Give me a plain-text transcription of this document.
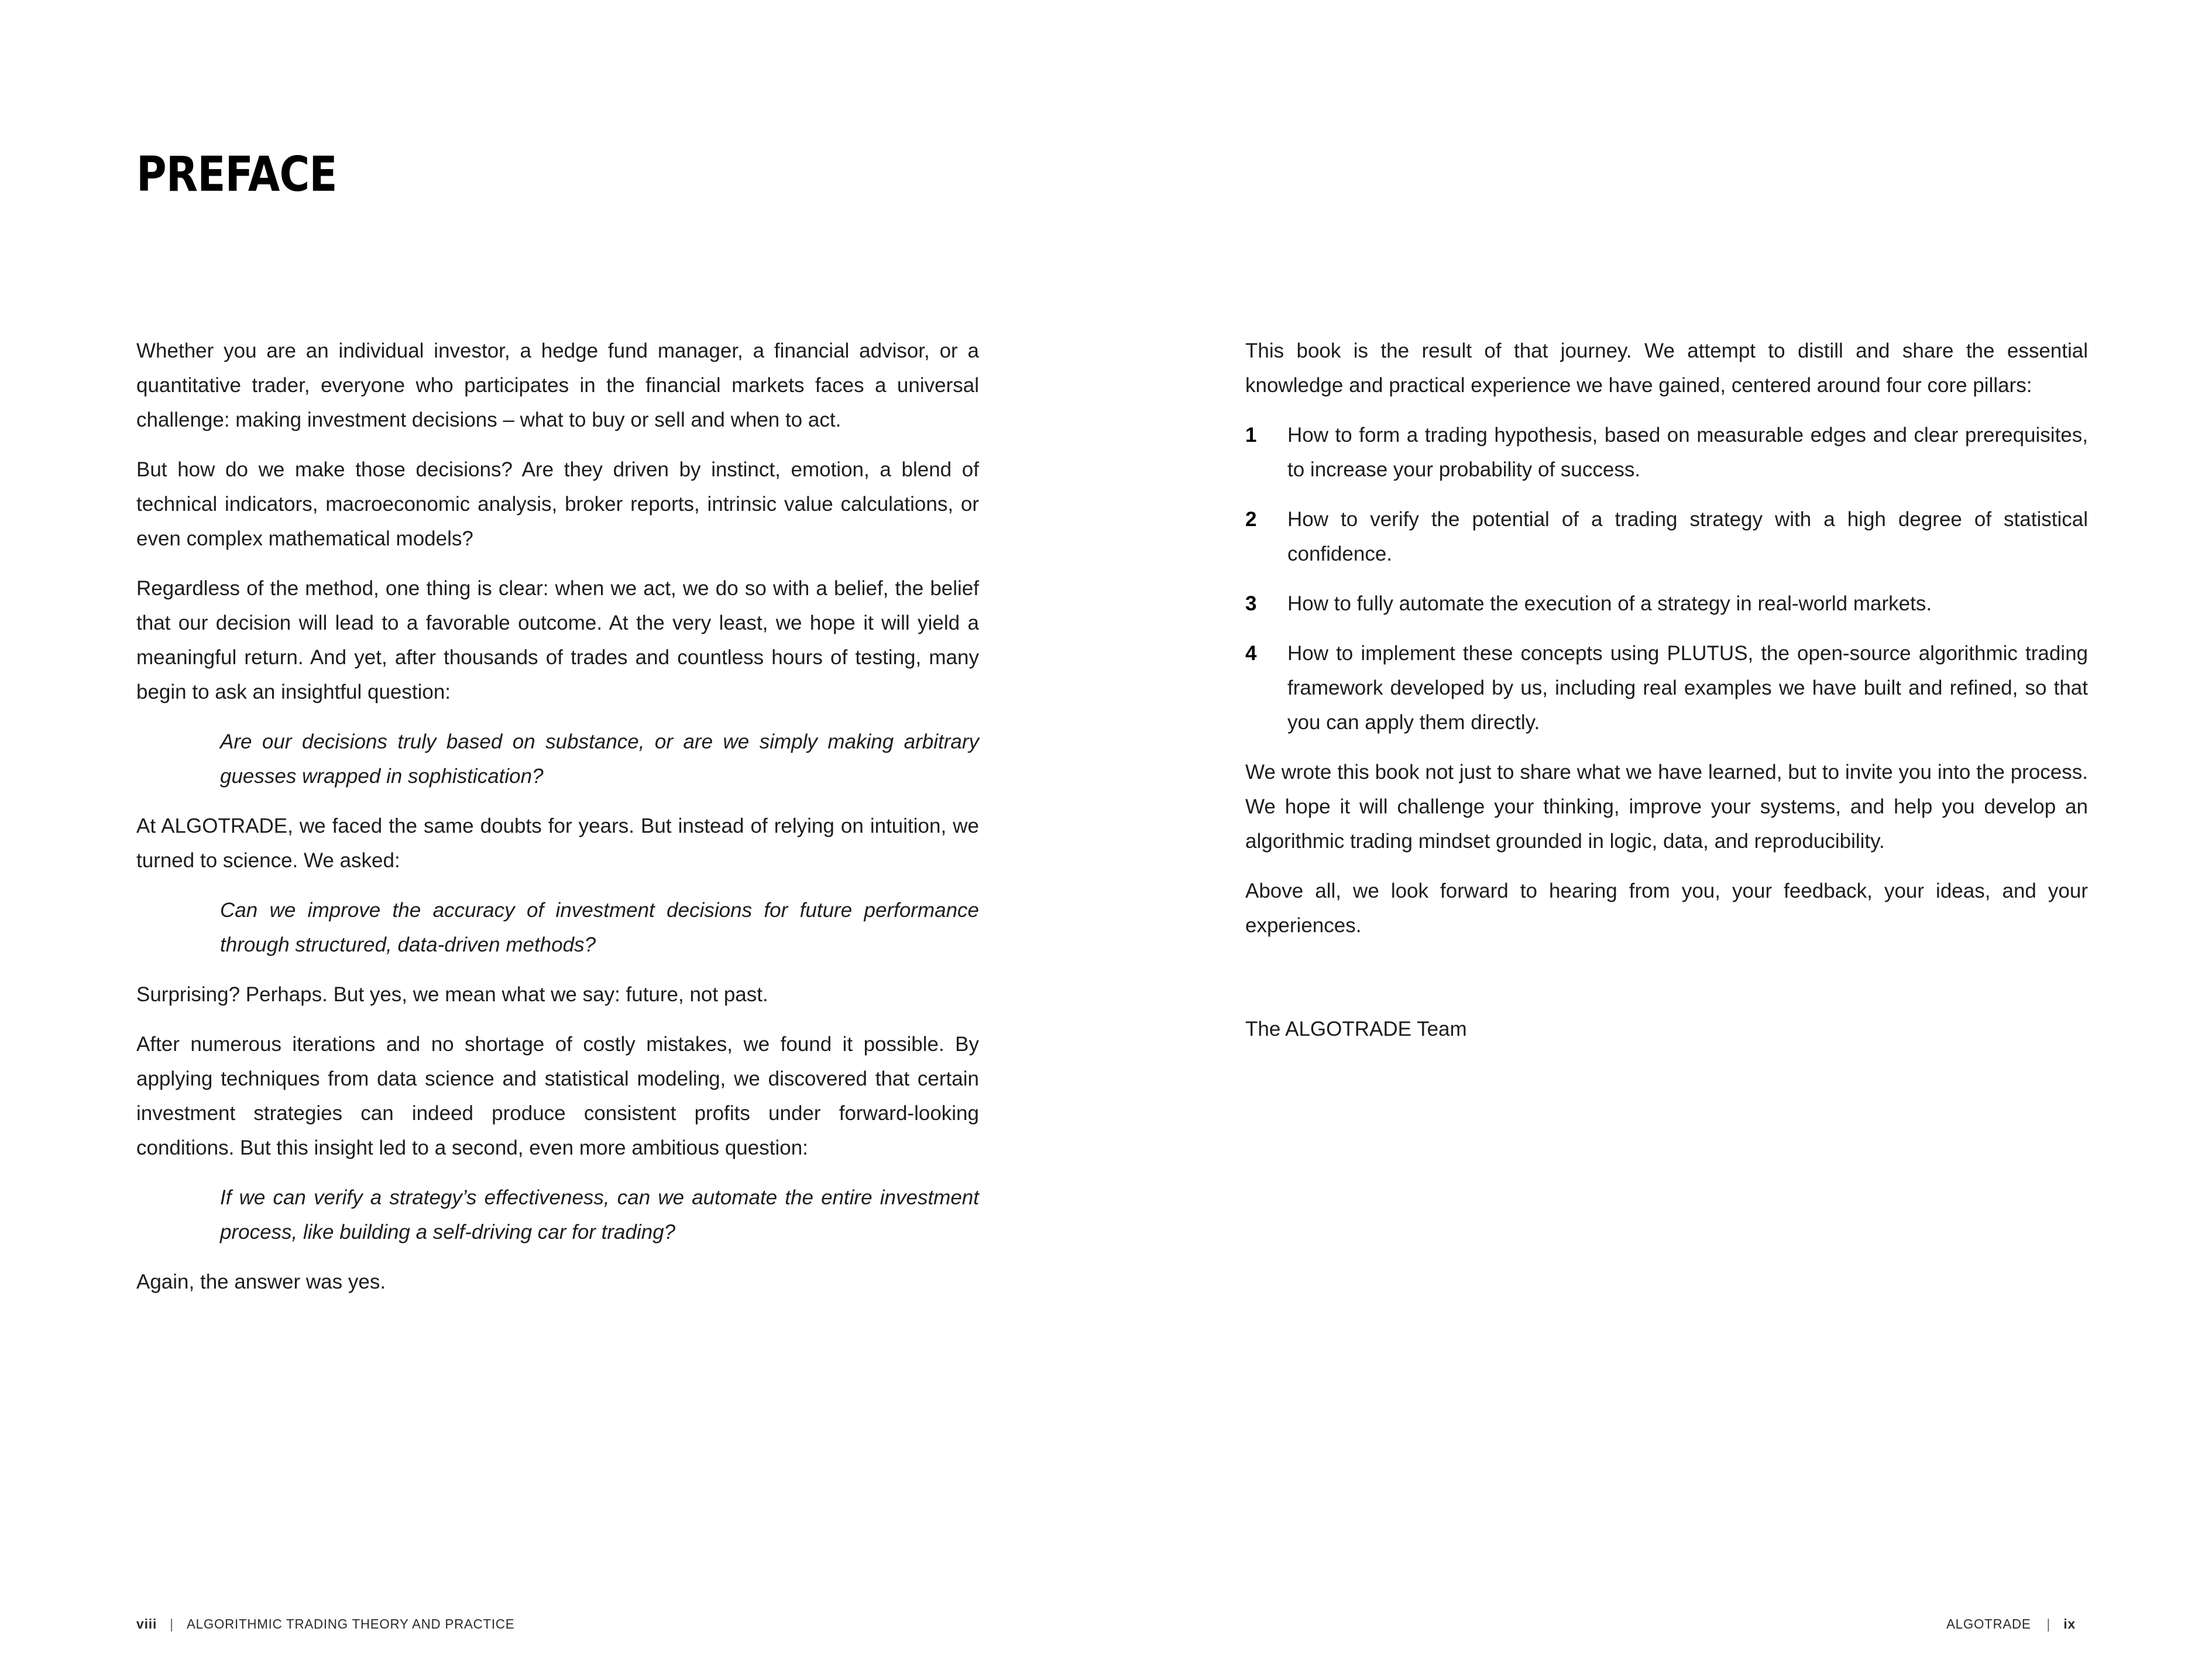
PREFACE

Whether you are an individual investor, a hedge fund manager, a financial advisor, or a quantitative trader, everyone who participates in the financial markets faces a universal challenge: making investment decisions – what to buy or sell and when to act.

But how do we make those decisions? Are they driven by instinct, emotion, a blend of technical indicators, macroeconomic analysis, broker reports, intrinsic value calculations, or even complex mathematical models?

Regardless of the method, one thing is clear: when we act, we do so with a belief, the belief that our decision will lead to a favorable outcome. At the very least, we hope it will yield a meaningful return. And yet, after thousands of trades and countless hours of testing, many begin to ask an insightful question:

Are our decisions truly based on substance, or are we simply making arbitrary guesses wrapped in sophistication?

At ALGOTRADE, we faced the same doubts for years. But instead of relying on intuition, we turned to science. We asked:

Can we improve the accuracy of investment decisions for future performance through structured, data-driven methods?

Surprising? Perhaps. But yes, we mean what we say: future, not past.

After numerous iterations and no shortage of costly mistakes, we found it possible. By applying techniques from data science and statistical modeling, we discovered that certain investment strategies can indeed produce consistent profits under forward-looking conditions. But this insight led to a second, even more ambitious question:

If we can verify a strategy’s effectiveness, can we automate the entire investment process, like building a self-driving car for trading?

Again, the answer was yes.

This book is the result of that journey. We attempt to distill and share the essential knowledge and practical experience we have gained, centered around four core pillars:

1 How to form a trading hypothesis, based on measurable edges and clear prerequisites, to increase your probability of success.
2 How to verify the potential of a trading strategy with a high degree of statistical confidence.
3 How to fully automate the execution of a strategy in real-world markets.
4 How to implement these concepts using PLUTUS, the open-source algorithmic trading framework developed by us, including real examples we have built and refined, so that you can apply them directly.

We wrote this book not just to share what we have learned, but to invite you into the process. We hope it will challenge your thinking, improve your systems, and help you develop an algorithmic trading mindset grounded in logic, data, and reproducibility.

Above all, we look forward to hearing from you, your feedback, your ideas, and your experiences.

The ALGOTRADE Team

viii | ALGORITHMIC TRADING THEORY AND PRACTICE	ALGOTRADE | ix
